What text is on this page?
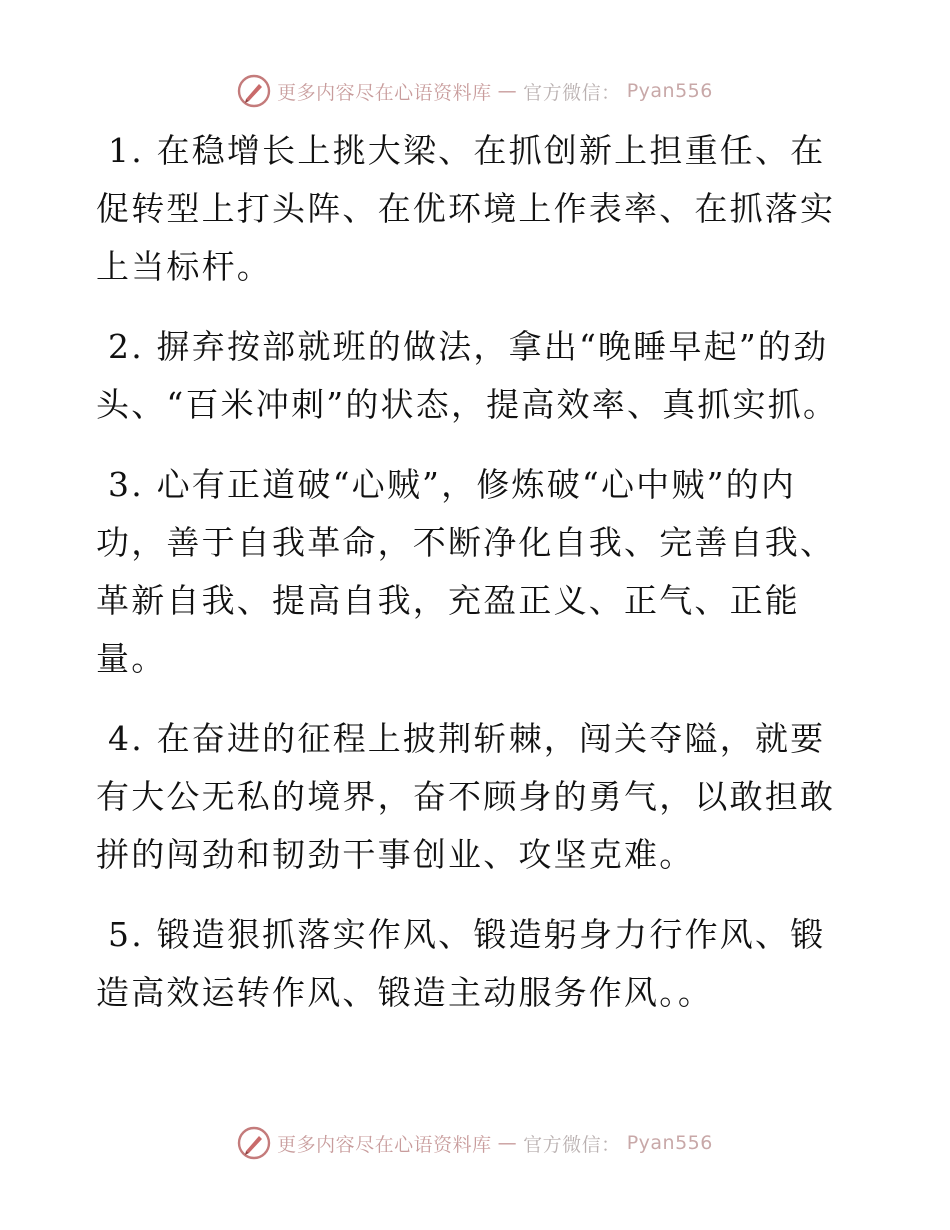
更多内容尽在心语资料库 — 官方微信： Pyan556

1. 在稳增长上挑大梁、在抓创新上担重任、在促转型上打头阵、在优环境上作表率、在抓落实上当标杆。

2. 摒弃按部就班的做法，拿出“晚睡早起”的劲头、“百米冲刺”的状态，提高效率、真抓实抓。

3. 心有正道破“心贼”，修炼破“心中贼”的内功，善于自我革命，不断净化自我、完善自我、革新自我、提高自我，充盈正义、正气、正能量。

4. 在奋进的征程上披荆斩棘，闯关夺隘，就要有大公无私的境界，奋不顾身的勇气，以敢担敢拼的闯劲和韧劲干事创业、攻坚克难。

5. 锻造狠抓落实作风、锻造躬身力行作风、锻造高效运转作风、锻造主动服务作风。。

更多内容尽在心语资料库 — 官方微信： Pyan556
